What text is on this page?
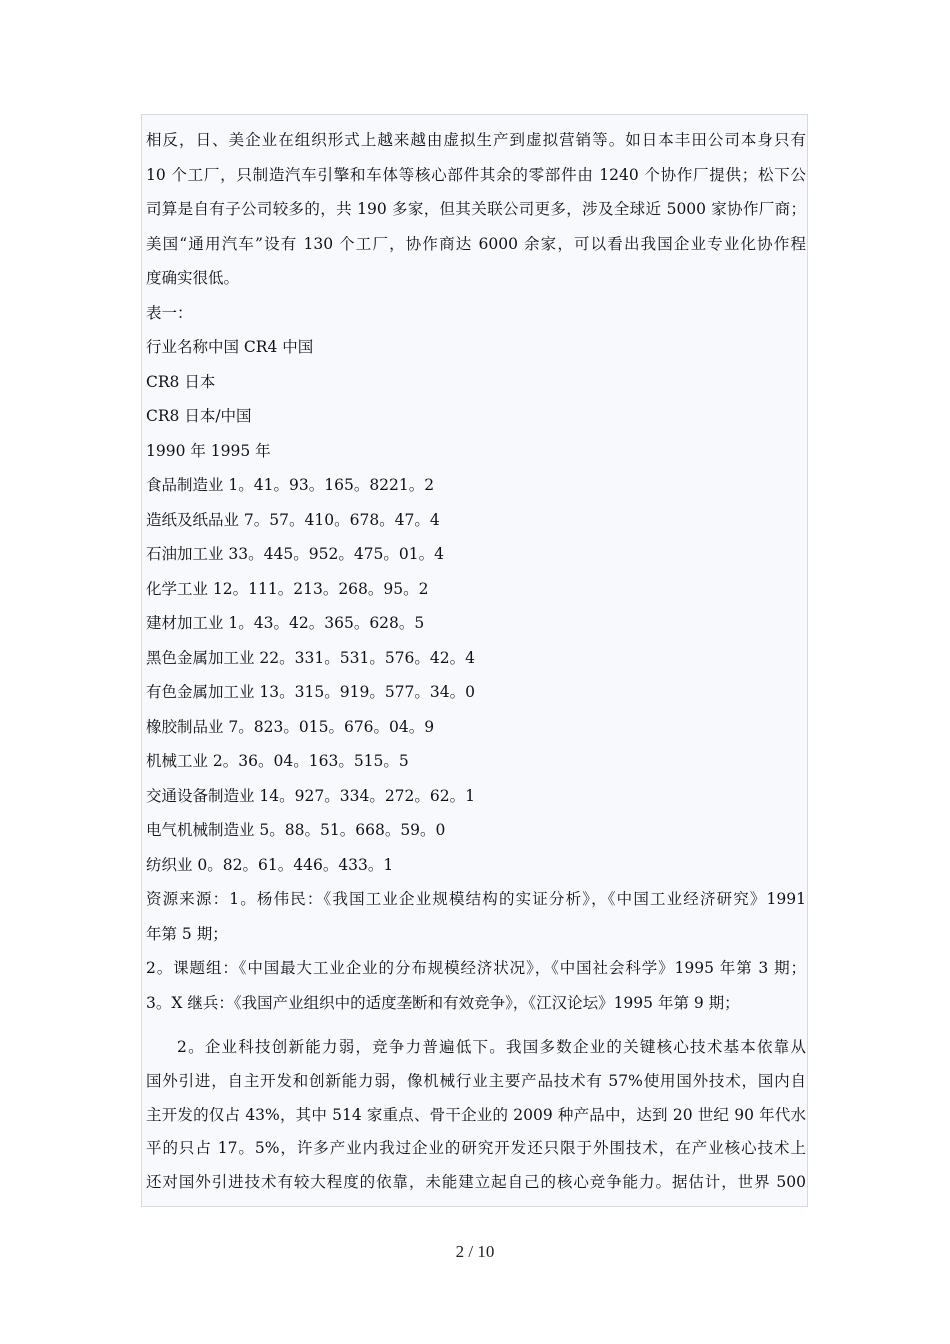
相反，日、美企业在组织形式上越来越由虚拟生产到虚拟营销等。如日本丰田公司本身只有
10 个工厂，只制造汽车引擎和车体等核心部件其余的零部件由 1240 个协作厂提供；松下公
司算是自有子公司较多的，共 190 多家，但其关联公司更多，涉及全球近 5000 家协作厂商；
美国“通用汽车”设有 130 个工厂，协作商达 6000 余家，可以看出我国企业专业化协作程
度确实很低。
表一：
行业名称中国 CR4 中国
CR8 日本
CR8 日本/中国
1990 年 1995 年
食品制造业 1。41。93。165。8221。2
造纸及纸品业 7。57。410。678。47。4
石油加工业 33。445。952。475。01。4
化学工业 12。111。213。268。95。2
建材加工业 1。43。42。365。628。5
黑色金属加工业 22。331。531。576。42。4
有色金属加工业 13。315。919。577。34。0
橡胶制品业 7。823。015。676。04。9
机械工业 2。36。04。163。515。5
交通设备制造业 14。927。334。272。62。1
电气机械制造业 5。88。51。668。59。0
纺织业 0。82。61。446。433。1
资源来源：1。杨伟民：《我国工业企业规模结构的实证分析》，《中国工业经济研究》1991
年第 5 期；
2。课题组：《中国最大工业企业的分布规模经济状况》，《中国社会科学》1995 年第 3 期；
3。X 继兵：《我国产业组织中的适度垄断和有效竞争》，《江汉论坛》1995 年第 9 期；
2。企业科技创新能力弱，竞争力普遍低下。我国多数企业的关键核心技术基本依靠从
国外引进，自主开发和创新能力弱，像机械行业主要产品技术有 57%使用国外技术，国内自
主开发的仅占 43%，其中 514 家重点、骨干企业的 2009 种产品中，达到 20 世纪 90 年代水
平的只占 17。5%，许多产业内我过企业的研究开发还只限于外围技术，在产业核心技术上
还对国外引进技术有较大程度的依靠，未能建立起自己的核心竞争能力。据估计，世界 500
2 / 10
